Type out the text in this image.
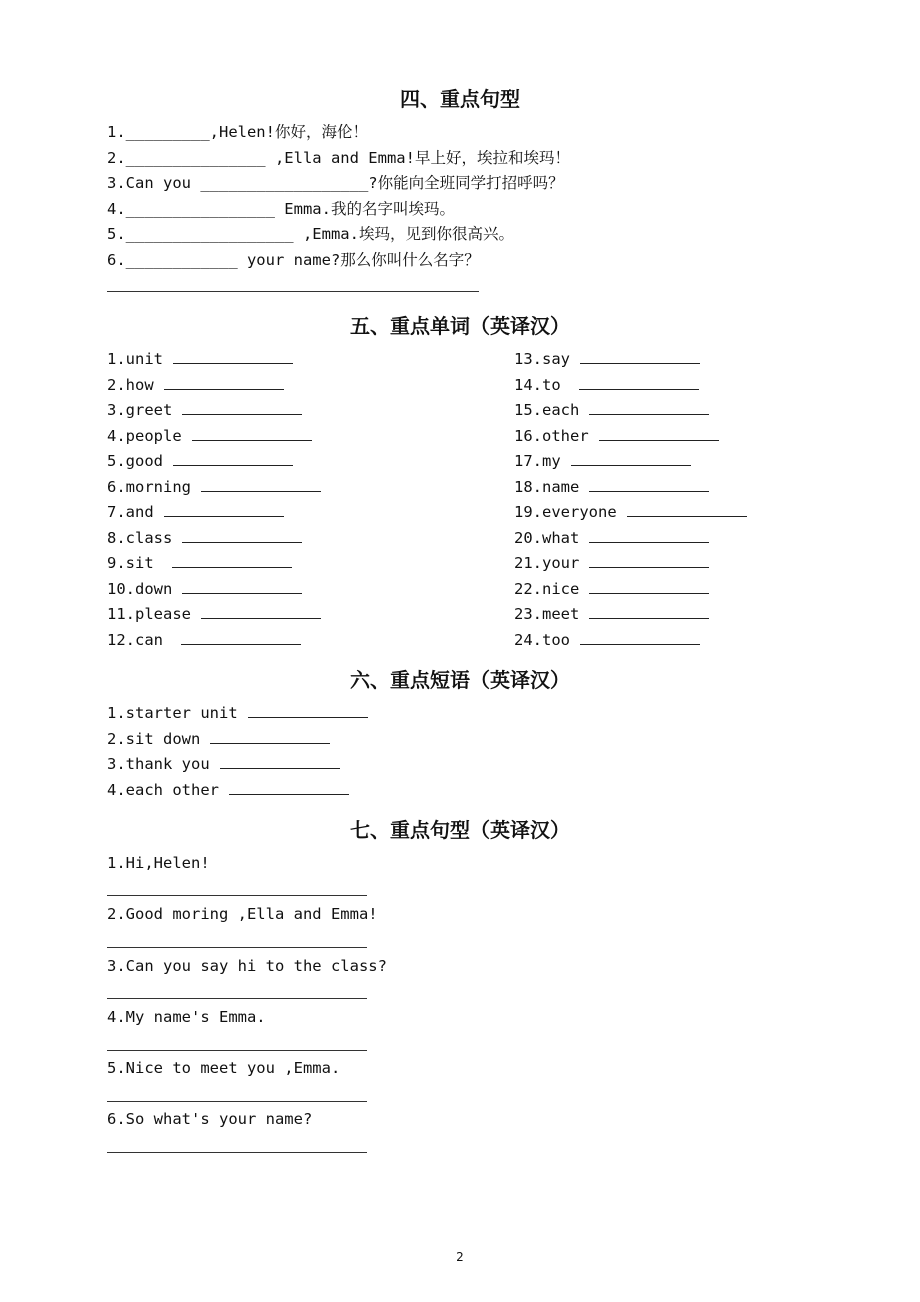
四、重点句型
1._________,Helen!你好，海伦！
2._______________ ,Ella and Emma!早上好，埃拉和埃玛！
3.Can you __________________?你能向全班同学打招呼吗？
4.________________ Emma.我的名字叫埃玛。
5.__________________ ,Emma.埃玛，见到你很高兴。
6.____________ your name?那么你叫什么名字？
五、重点单词（英译汉）
1.unit
2.how
3.greet
4.people
5.good
6.morning
7.and
8.class
9.sit
10.down
11.please
12.can
13.say
14.to
15.each
16.other
17.my
18.name
19.everyone
20.what
21.your
22.nice
23.meet
24.too
六、重点短语（英译汉）
1.starter unit
2.sit down
3.thank you
4.each other
七、重点句型（英译汉）
1.Hi,Helen!
2.Good moring ,Ella and Emma!
3.Can you say hi to the class?
4.My name's Emma.
5.Nice to meet you ,Emma.
6.So what's your name?
2
